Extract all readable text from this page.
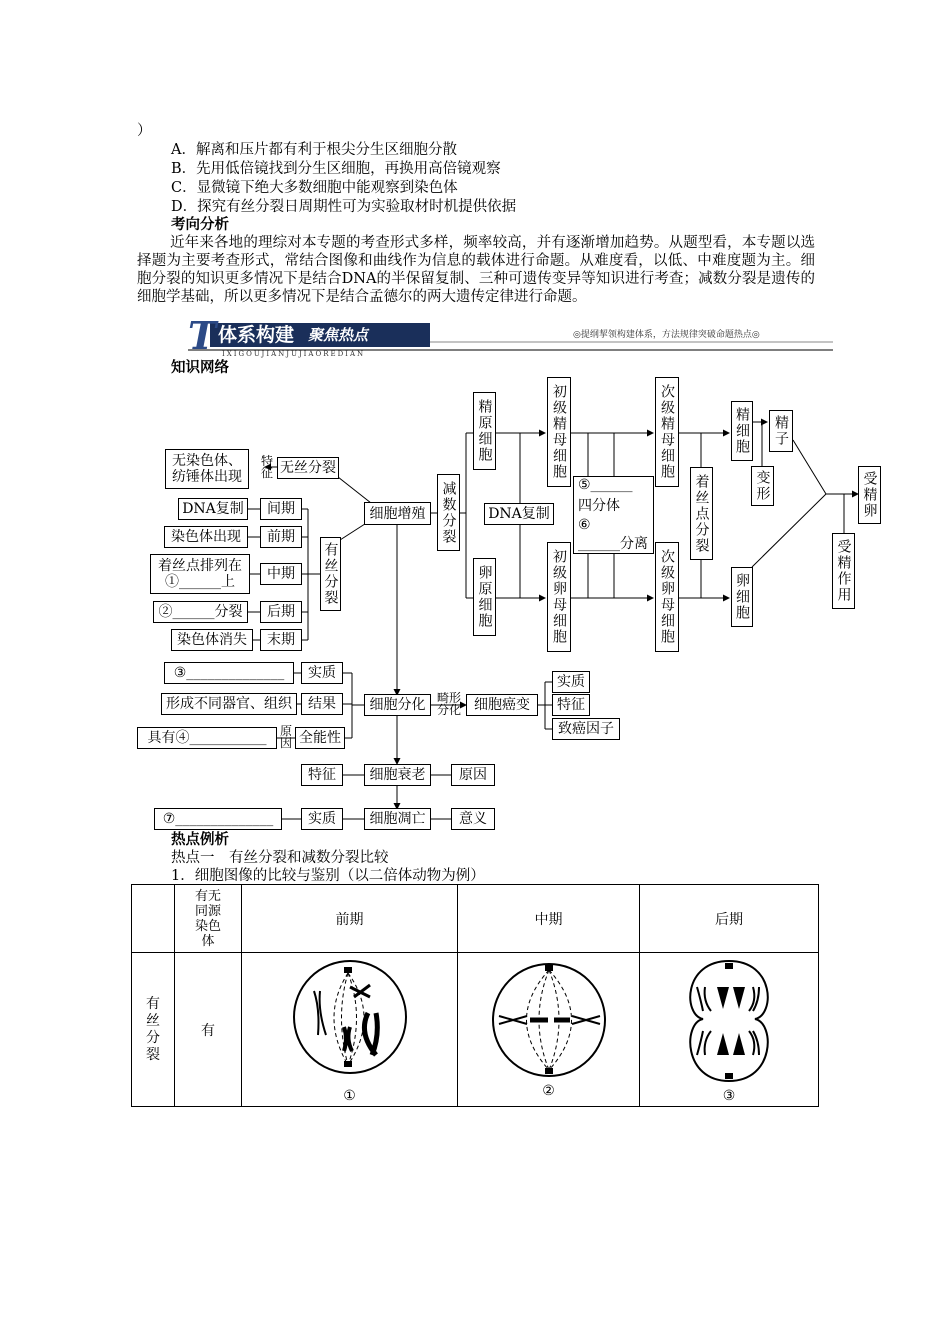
）
A．解离和压片都有利于根尖分生区细胞分散
B．先用低倍镜找到分生区细胞，再换用高倍镜观察
C．显微镜下绝大多数细胞中能观察到染色体
D．探究有丝分裂日周期性可为实验取材时机提供依据
考向分析
近年来各地的理综对本专题的考查形式多样，频率较高，并有逐渐增加趋势。从题型看，本专题以选择题为主要考查形式，常结合图像和曲线作为信息的载体进行命题。从难度看，以低、中难度题为主。细胞分裂的知识更多情况下是结合DNA的半保留复制、三种可遗传变异等知识进行考查；减数分裂是遗传的细胞学基础，所以更多情况下是结合孟德尔的两大遗传定律进行命题。
T 体系构建 聚焦热点
IXIGOUJIANJUJIAOREDIAN
◎提纲挈领构建体系，方法规律突破命题热点◎
知识网络
无丝分裂
无染色体、纺锤体出现
特征
DNA复制	间期
染色体出现	前期
着丝点排列在
①______上	中期
②______分裂	后期
染色体消失	末期
有丝分裂
细胞增殖	减数分裂
精原细胞
卵原细胞
DNA复制
初级精母细胞
初级卵母细胞
⑤______
四分体
⑥
______分离
次级精母细胞
次级卵母细胞
着丝点分裂
精细胞
变形
精子
卵细胞	受精作用
受精卵
③______________	实质
形成不同器官、组织	结果
具有④___________	原因 全能性
细胞分化 畸形分化 细胞癌变
实质
特征
致癌因子
特征	细胞衰老	原因
⑦______________	实质	细胞凋亡	意义
热点例析
热点一　有丝分裂和减数分裂比较
1．细胞图像的比较与鉴别（以二倍体动物为例）

	有无同源染色体	前期	中期	后期

有丝分裂	有	①	②	③
